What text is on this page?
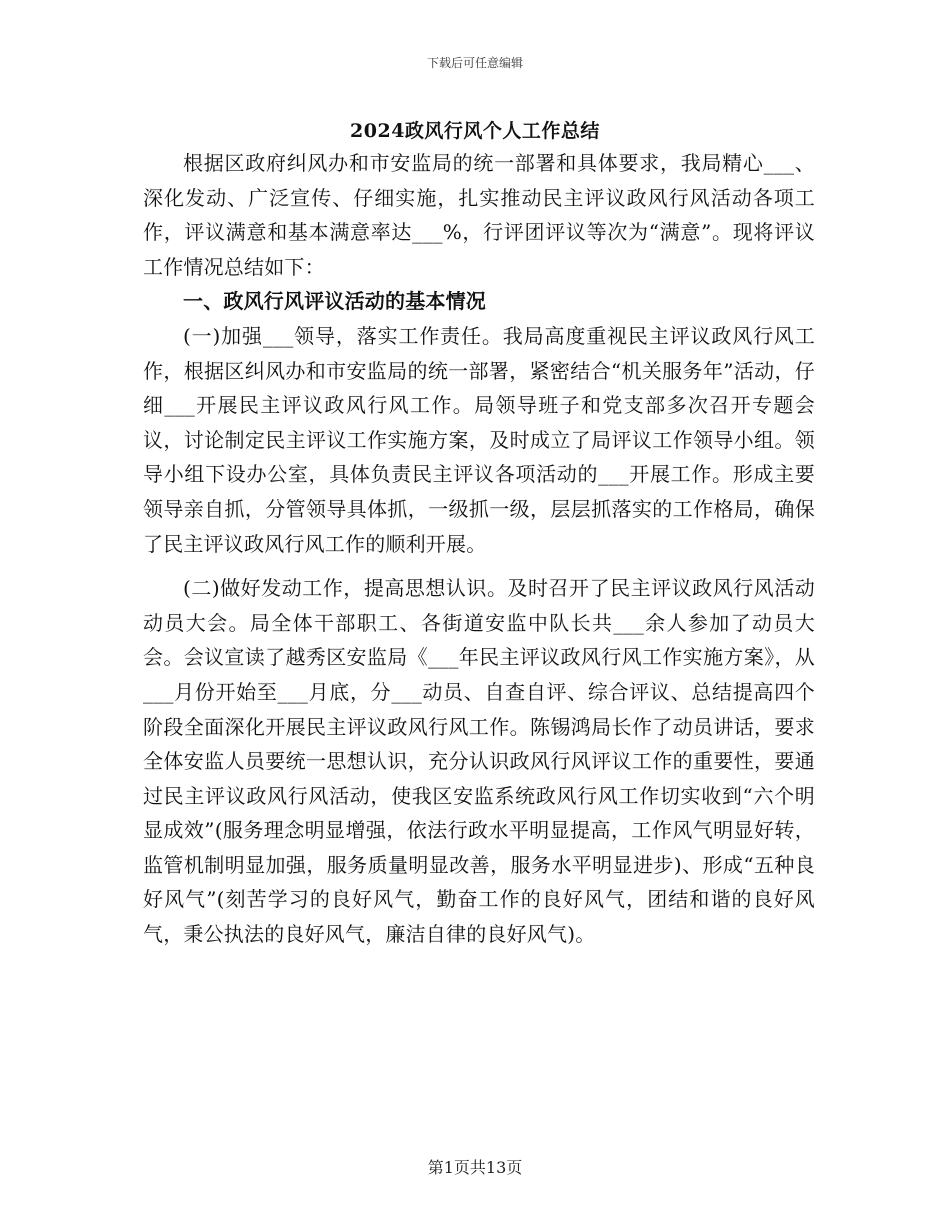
下载后可任意编辑
2024政风行风个人工作总结

根据区政府纠风办和市安监局的统一部署和具体要求，我局精心___、深化发动、广泛宣传、仔细实施，扎实推动民主评议政风行风活动各项工作，评议满意和基本满意率达___%，行评团评议等次为“满意”。现将评议工作情况总结如下：

一、政风行风评议活动的基本情况

(一)加强___领导，落实工作责任。我局高度重视民主评议政风行风工作，根据区纠风办和市安监局的统一部署，紧密结合“机关服务年”活动，仔细___开展民主评议政风行风工作。局领导班子和党支部多次召开专题会议，讨论制定民主评议工作实施方案，及时成立了局评议工作领导小组。领导小组下设办公室，具体负责民主评议各项活动的___开展工作。形成主要领导亲自抓，分管领导具体抓，一级抓一级，层层抓落实的工作格局，确保了民主评议政风行风工作的顺利开展。

(二)做好发动工作，提高思想认识。及时召开了民主评议政风行风活动动员大会。局全体干部职工、各街道安监中队长共___余人参加了动员大会。会议宣读了越秀区安监局《___年民主评议政风行风工作实施方案》，从___月份开始至___月底，分___动员、自查自评、综合评议、总结提高四个阶段全面深化开展民主评议政风行风工作。陈锡鸿局长作了动员讲话，要求全体安监人员要统一思想认识，充分认识政风行风评议工作的重要性，要通过民主评议政风行风活动，使我区安监系统政风行风工作切实收到“六个明显成效”(服务理念明显增强，依法行政水平明显提高，工作风气明显好转，监管机制明显加强，服务质量明显改善，服务水平明显进步)、形成“五种良好风气”(刻苦学习的良好风气，勤奋工作的良好风气，团结和谐的良好风气，秉公执法的良好风气，廉洁自律的良好风气)。

第1页共13页
